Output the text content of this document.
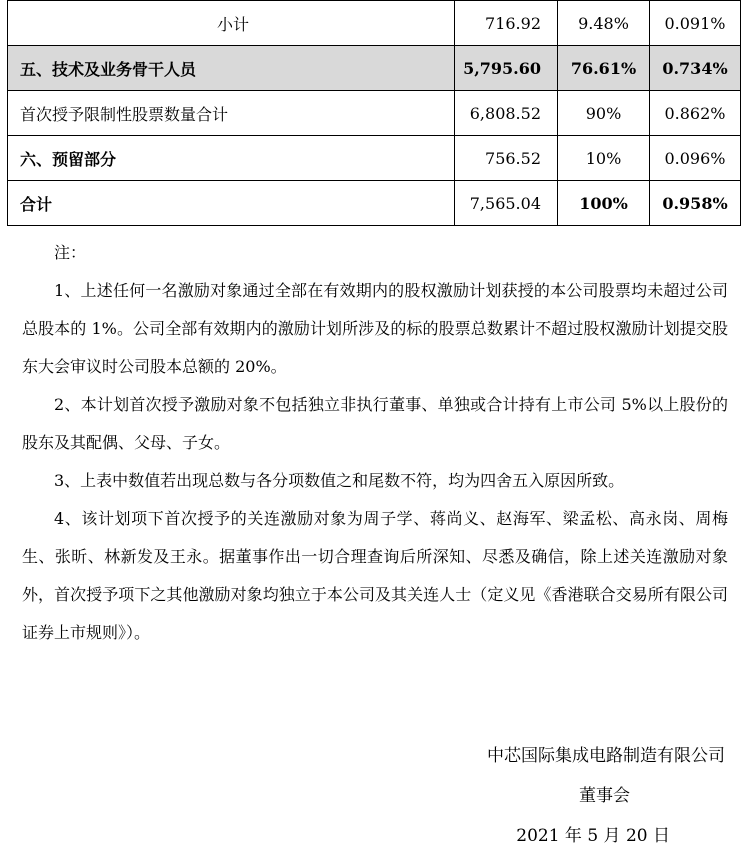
小计	716.92	9.48%	0.091%
五、技术及业务骨干人员	5,795.60	76.61%	0.734%
首次授予限制性股票数量合计	6,808.52	90%	0.862%
六、预留部分	756.52	10%	0.096%
合计	7,565.04	100%	0.958%

注：

1、上述任何一名激励对象通过全部在有效期内的股权激励计划获授的本公司股票均未超过公司总股本的 1%。公司全部有效期内的激励计划所涉及的标的股票总数累计不超过股权激励计划提交股东大会审议时公司股本总额的 20%。

2、本计划首次授予激励对象不包括独立非执行董事、单独或合计持有上市公司 5%以上股份的股东及其配偶、父母、子女。

3、上表中数值若出现总数与各分项数值之和尾数不符，均为四舍五入原因所致。

4、该计划项下首次授予的关连激励对象为周子学、蒋尚义、赵海军、梁孟松、高永岗、周梅生、张昕、林新发及王永。据董事作出一切合理查询后所深知、尽悉及确信，除上述关连激励对象外，首次授予项下之其他激励对象均独立于本公司及其关连人士（定义见《香港联合交易所有限公司证券上市规则》）。

中芯国际集成电路制造有限公司
董事会
2021 年 5 月 20 日
